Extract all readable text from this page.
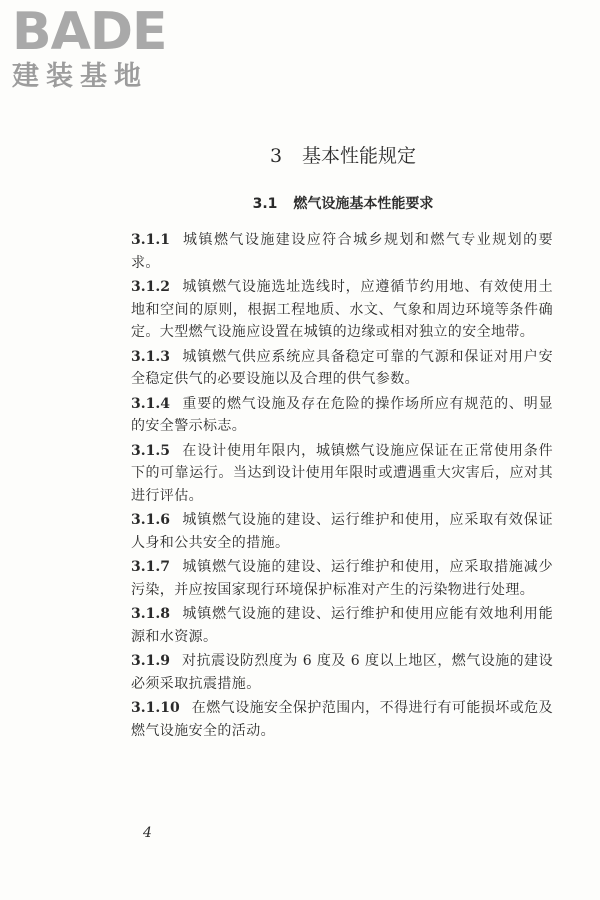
BADE
建装基地
3 基本性能规定
3.1 燃气设施基本性能要求

3.1.1 城镇燃气设施建设应符合城乡规划和燃气专业规划的要求。

3.1.2 城镇燃气设施选址选线时，应遵循节约用地、有效使用土地和空间的原则，根据工程地质、水文、气象和周边环境等条件确定。大型燃气设施应设置在城镇的边缘或相对独立的安全地带。

3.1.3 城镇燃气供应系统应具备稳定可靠的气源和保证对用户安全稳定供气的必要设施以及合理的供气参数。

3.1.4 重要的燃气设施及存在危险的操作场所应有规范的、明显的安全警示标志。

3.1.5 在设计使用年限内，城镇燃气设施应保证在正常使用条件下的可靠运行。当达到设计使用年限时或遭遇重大灾害后，应对其进行评估。

3.1.6 城镇燃气设施的建设、运行维护和使用，应采取有效保证人身和公共安全的措施。

3.1.7 城镇燃气设施的建设、运行维护和使用，应采取措施减少污染，并应按国家现行环境保护标准对产生的污染物进行处理。

3.1.8 城镇燃气设施的建设、运行维护和使用应能有效地利用能源和水资源。

3.1.9 对抗震设防烈度为 6 度及 6 度以上地区，燃气设施的建设必须采取抗震措施。

3.1.10 在燃气设施安全保护范围内，不得进行有可能损坏或危及燃气设施安全的活动。

4
